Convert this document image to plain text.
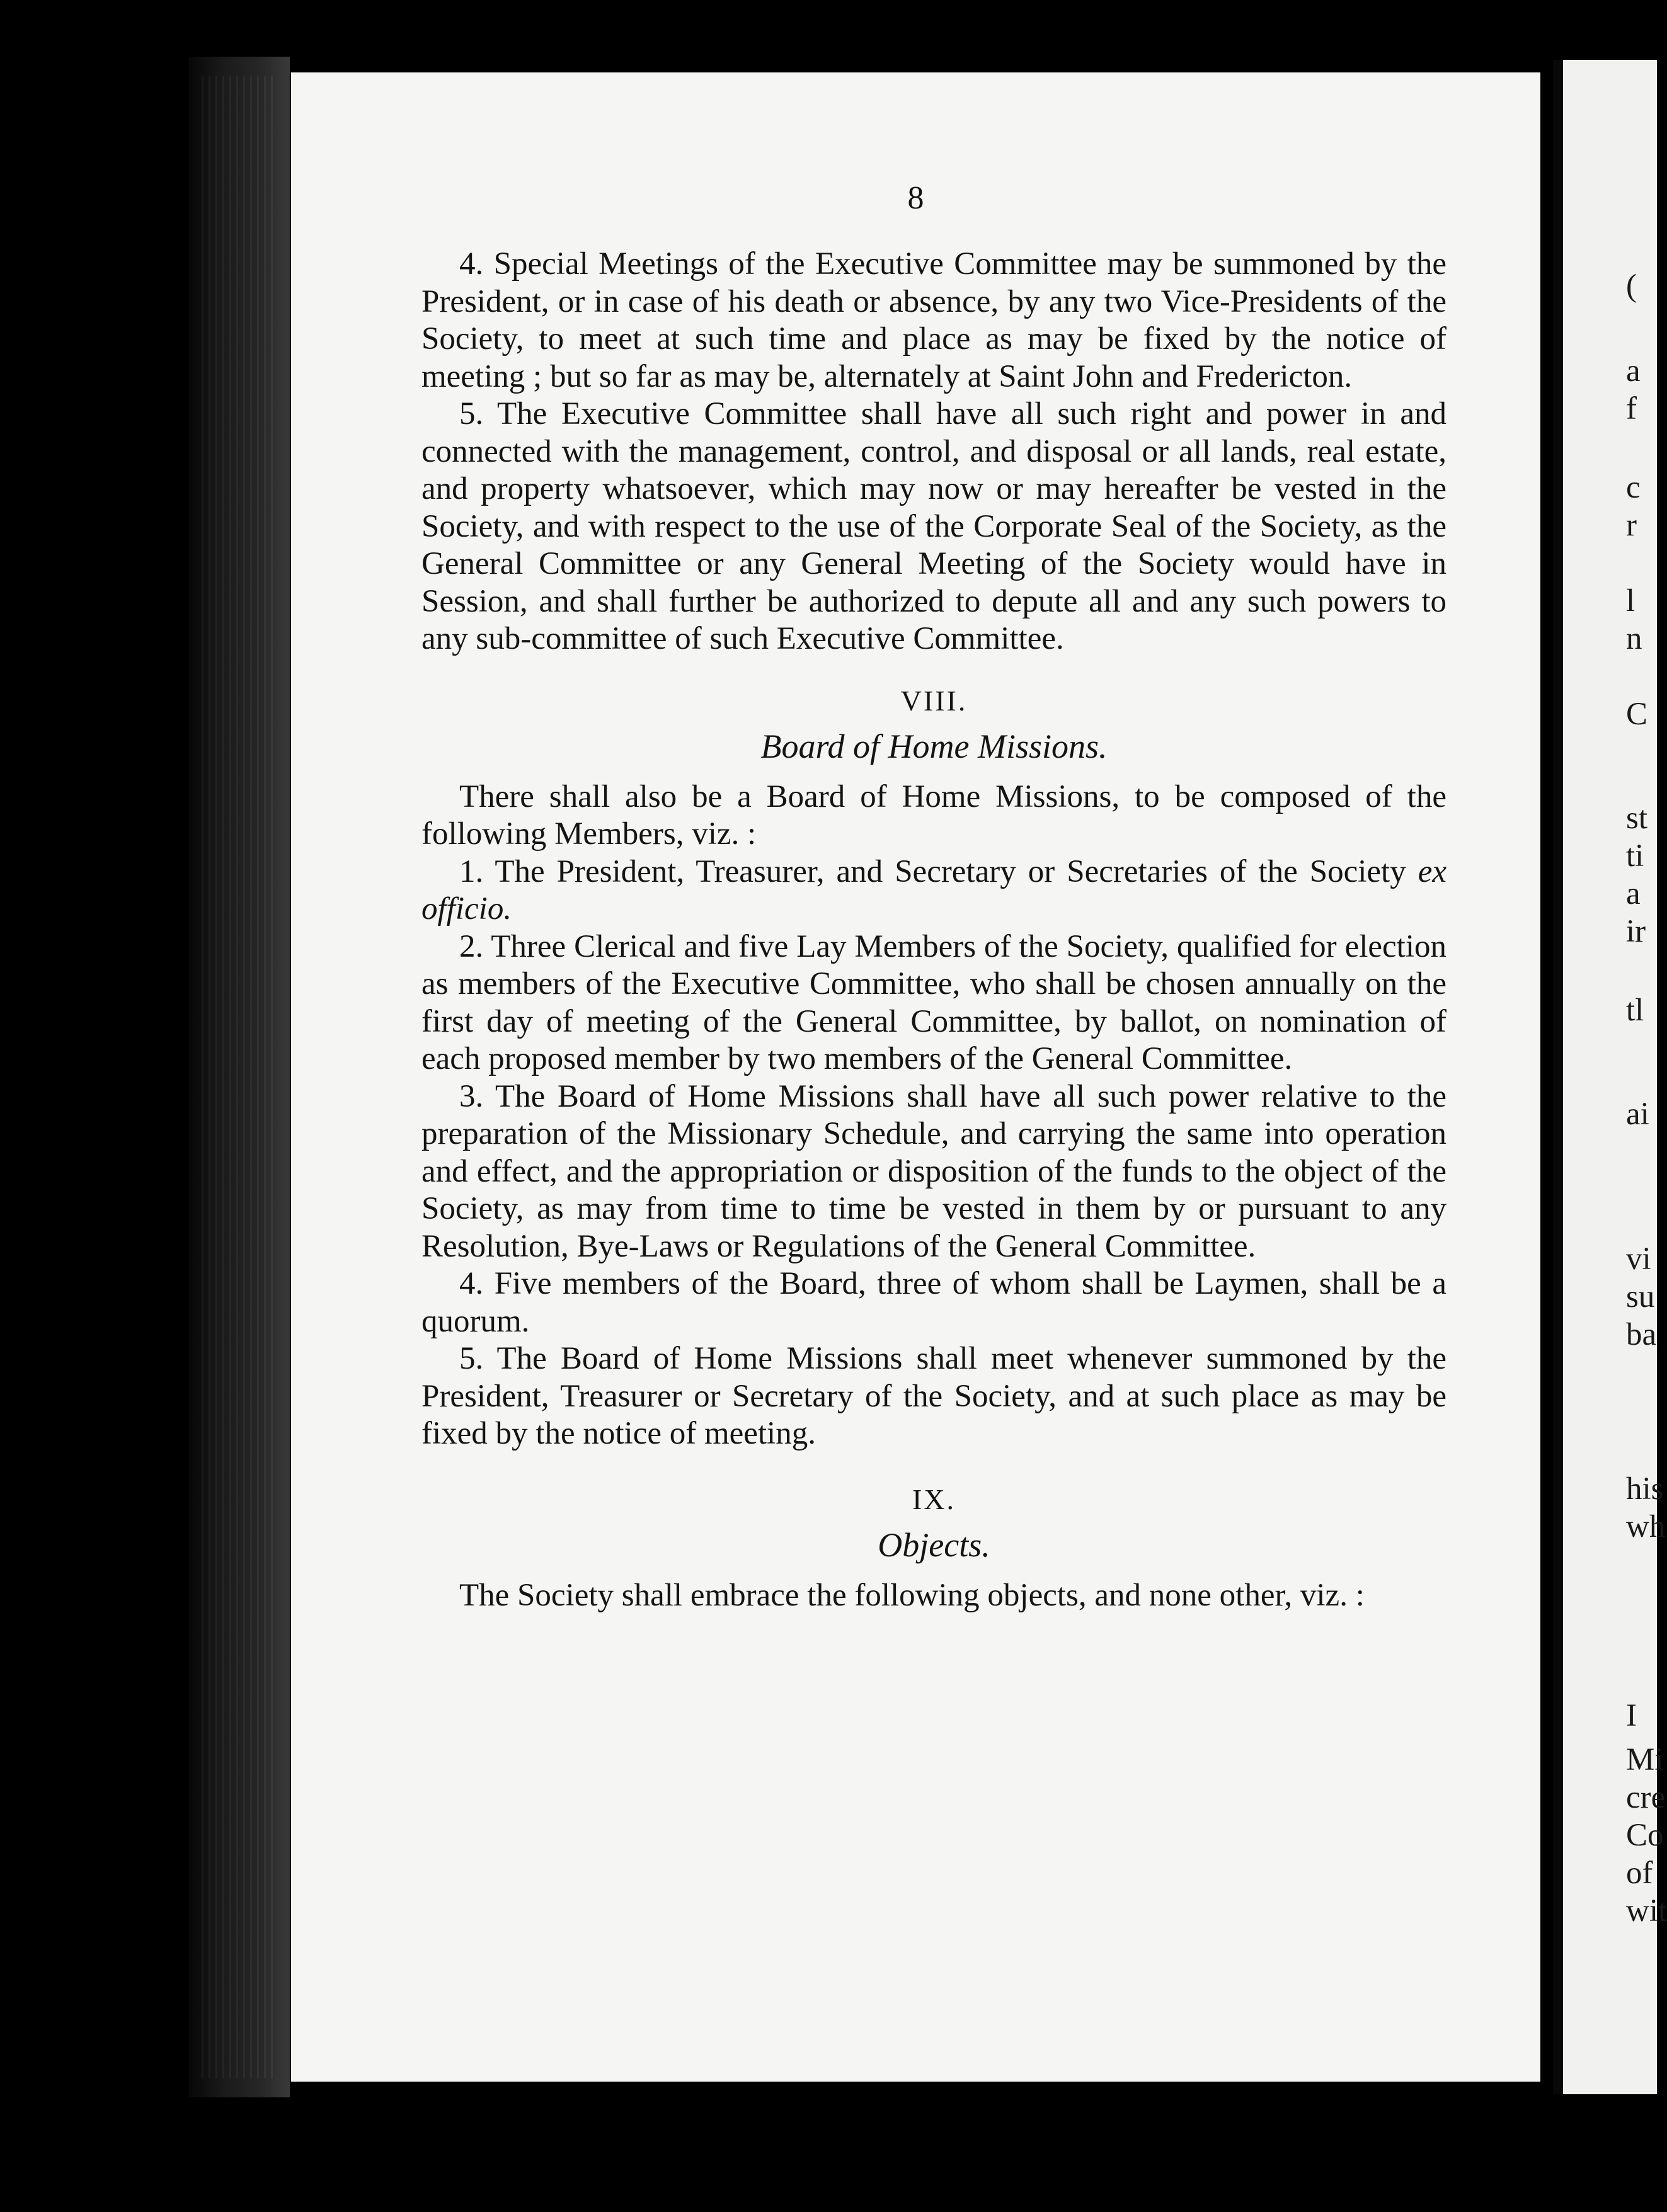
8

4. Special Meetings of the Executive Committee may be summoned by the President, or in case of his death or absence, by any two Vice-Presidents of the Society, to meet at such time and place as may be fixed by the notice of meeting ; but so far as may be, alternately at Saint John and Fredericton.

5. The Executive Committee shall have all such right and power in and connected with the management, control, and disposal or all lands, real estate, and property whatsoever, which may now or may hereafter be vested in the Society, and with respect to the use of the Corporate Seal of the Society, as the General Committee or any General Meeting of the Society would have in Session, and shall further be authorized to depute all and any such powers to any sub-committee of such Executive Committee.

VIII.
Board of Home Missions.

There shall also be a Board of Home Missions, to be composed of the following Members, viz. :

1. The President, Treasurer, and Secretary or Secretaries of the Society ex officio.

2. Three Clerical and five Lay Members of the Society, qualified for election as members of the Executive Committee, who shall be chosen annually on the first day of meeting of the General Committee, by ballot, on nomination of each proposed member by two members of the General Committee.

3. The Board of Home Missions shall have all such power relative to the preparation of the Missionary Schedule, and carrying the same into operation and effect, and the appropriation or disposition of the funds to the object of the Society, as may from time to time be vested in them by or pursuant to any Resolution, Bye-Laws or Regulations of the General Committee.

4. Five members of the Board, three of whom shall be Laymen, shall be a quorum.

5. The Board of Home Missions shall meet whenever summoned by the President, Treasurer or Secretary of the Society, and at such place as may be fixed by the notice of meeting.

IX.
Objects.

The Society shall embrace the following objects, and none other, viz. :

(
a
f
c
r
l
n
C
st
ti
a
ir
tl
ai
vi
su
ba
his
wh
I
Mi
cre
Co
of
wit
